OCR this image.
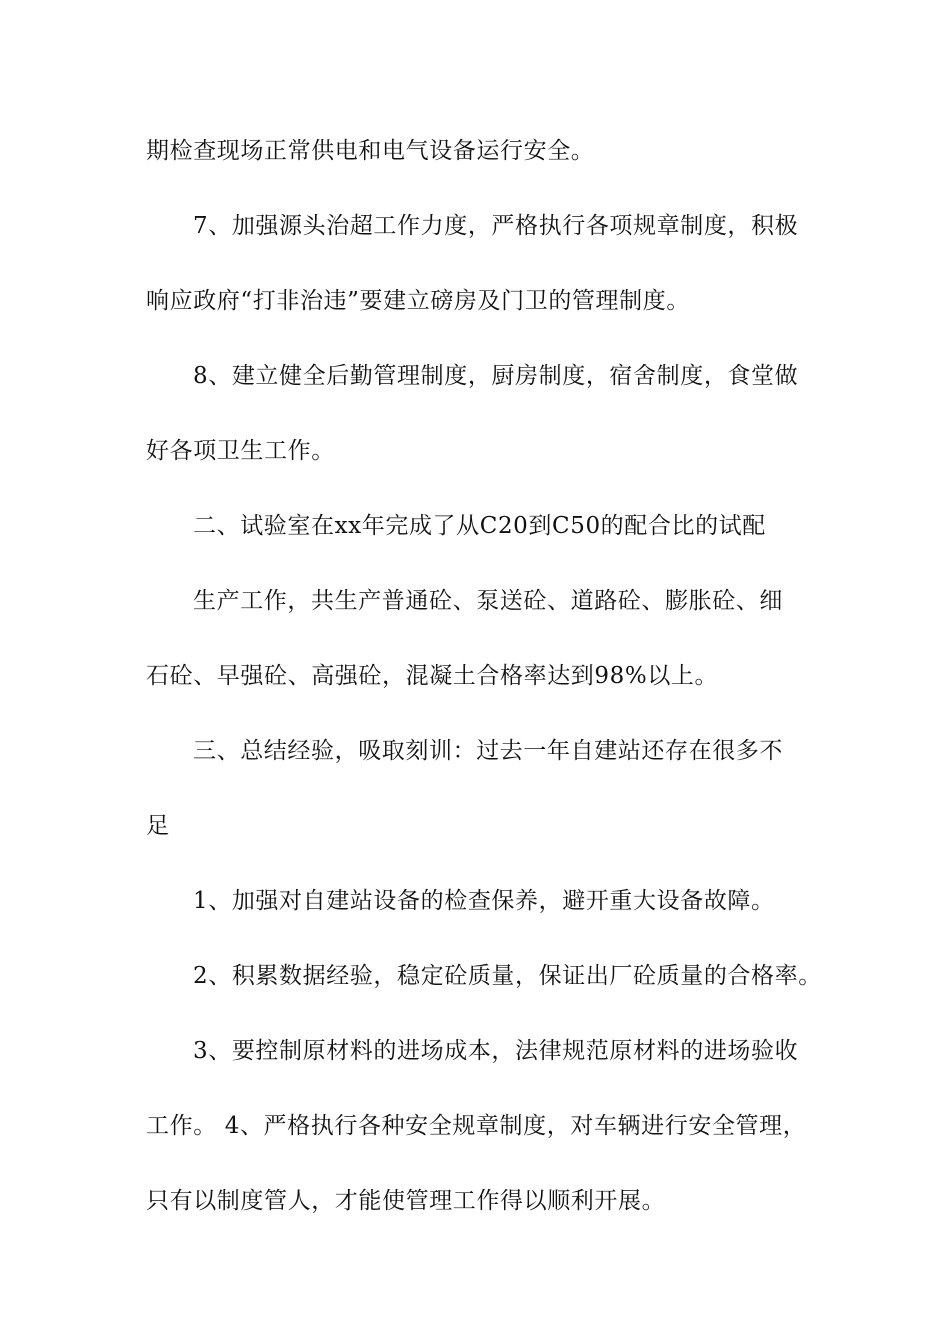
期检查现场正常供电和电气设备运行安全。
7、加强源头治超工作力度，严格执行各项规章制度，积极
响应政府“打非治违”要建立磅房及门卫的管理制度。
8、建立健全后勤管理制度，厨房制度，宿舍制度，食堂做
好各项卫生工作。
二、试验室在xx年完成了从C20到C50的配合比的试配
生产工作，共生产普通砼、泵送砼、道路砼、膨胀砼、细
石砼、早强砼、高强砼，混凝土合格率达到98%以上。
三、总结经验，吸取刻训：过去一年自建站还存在很多不
足
1、加强对自建站设备的检查保养，避开重大设备故障。
2、积累数据经验，稳定砼质量，保证出厂砼质量的合格率。
3、要控制原材料的进场成本，法律规范原材料的进场验收
工作。 4、严格执行各种安全规章制度，对车辆进行安全管理，
只有以制度管人，才能使管理工作得以顺利开展。
